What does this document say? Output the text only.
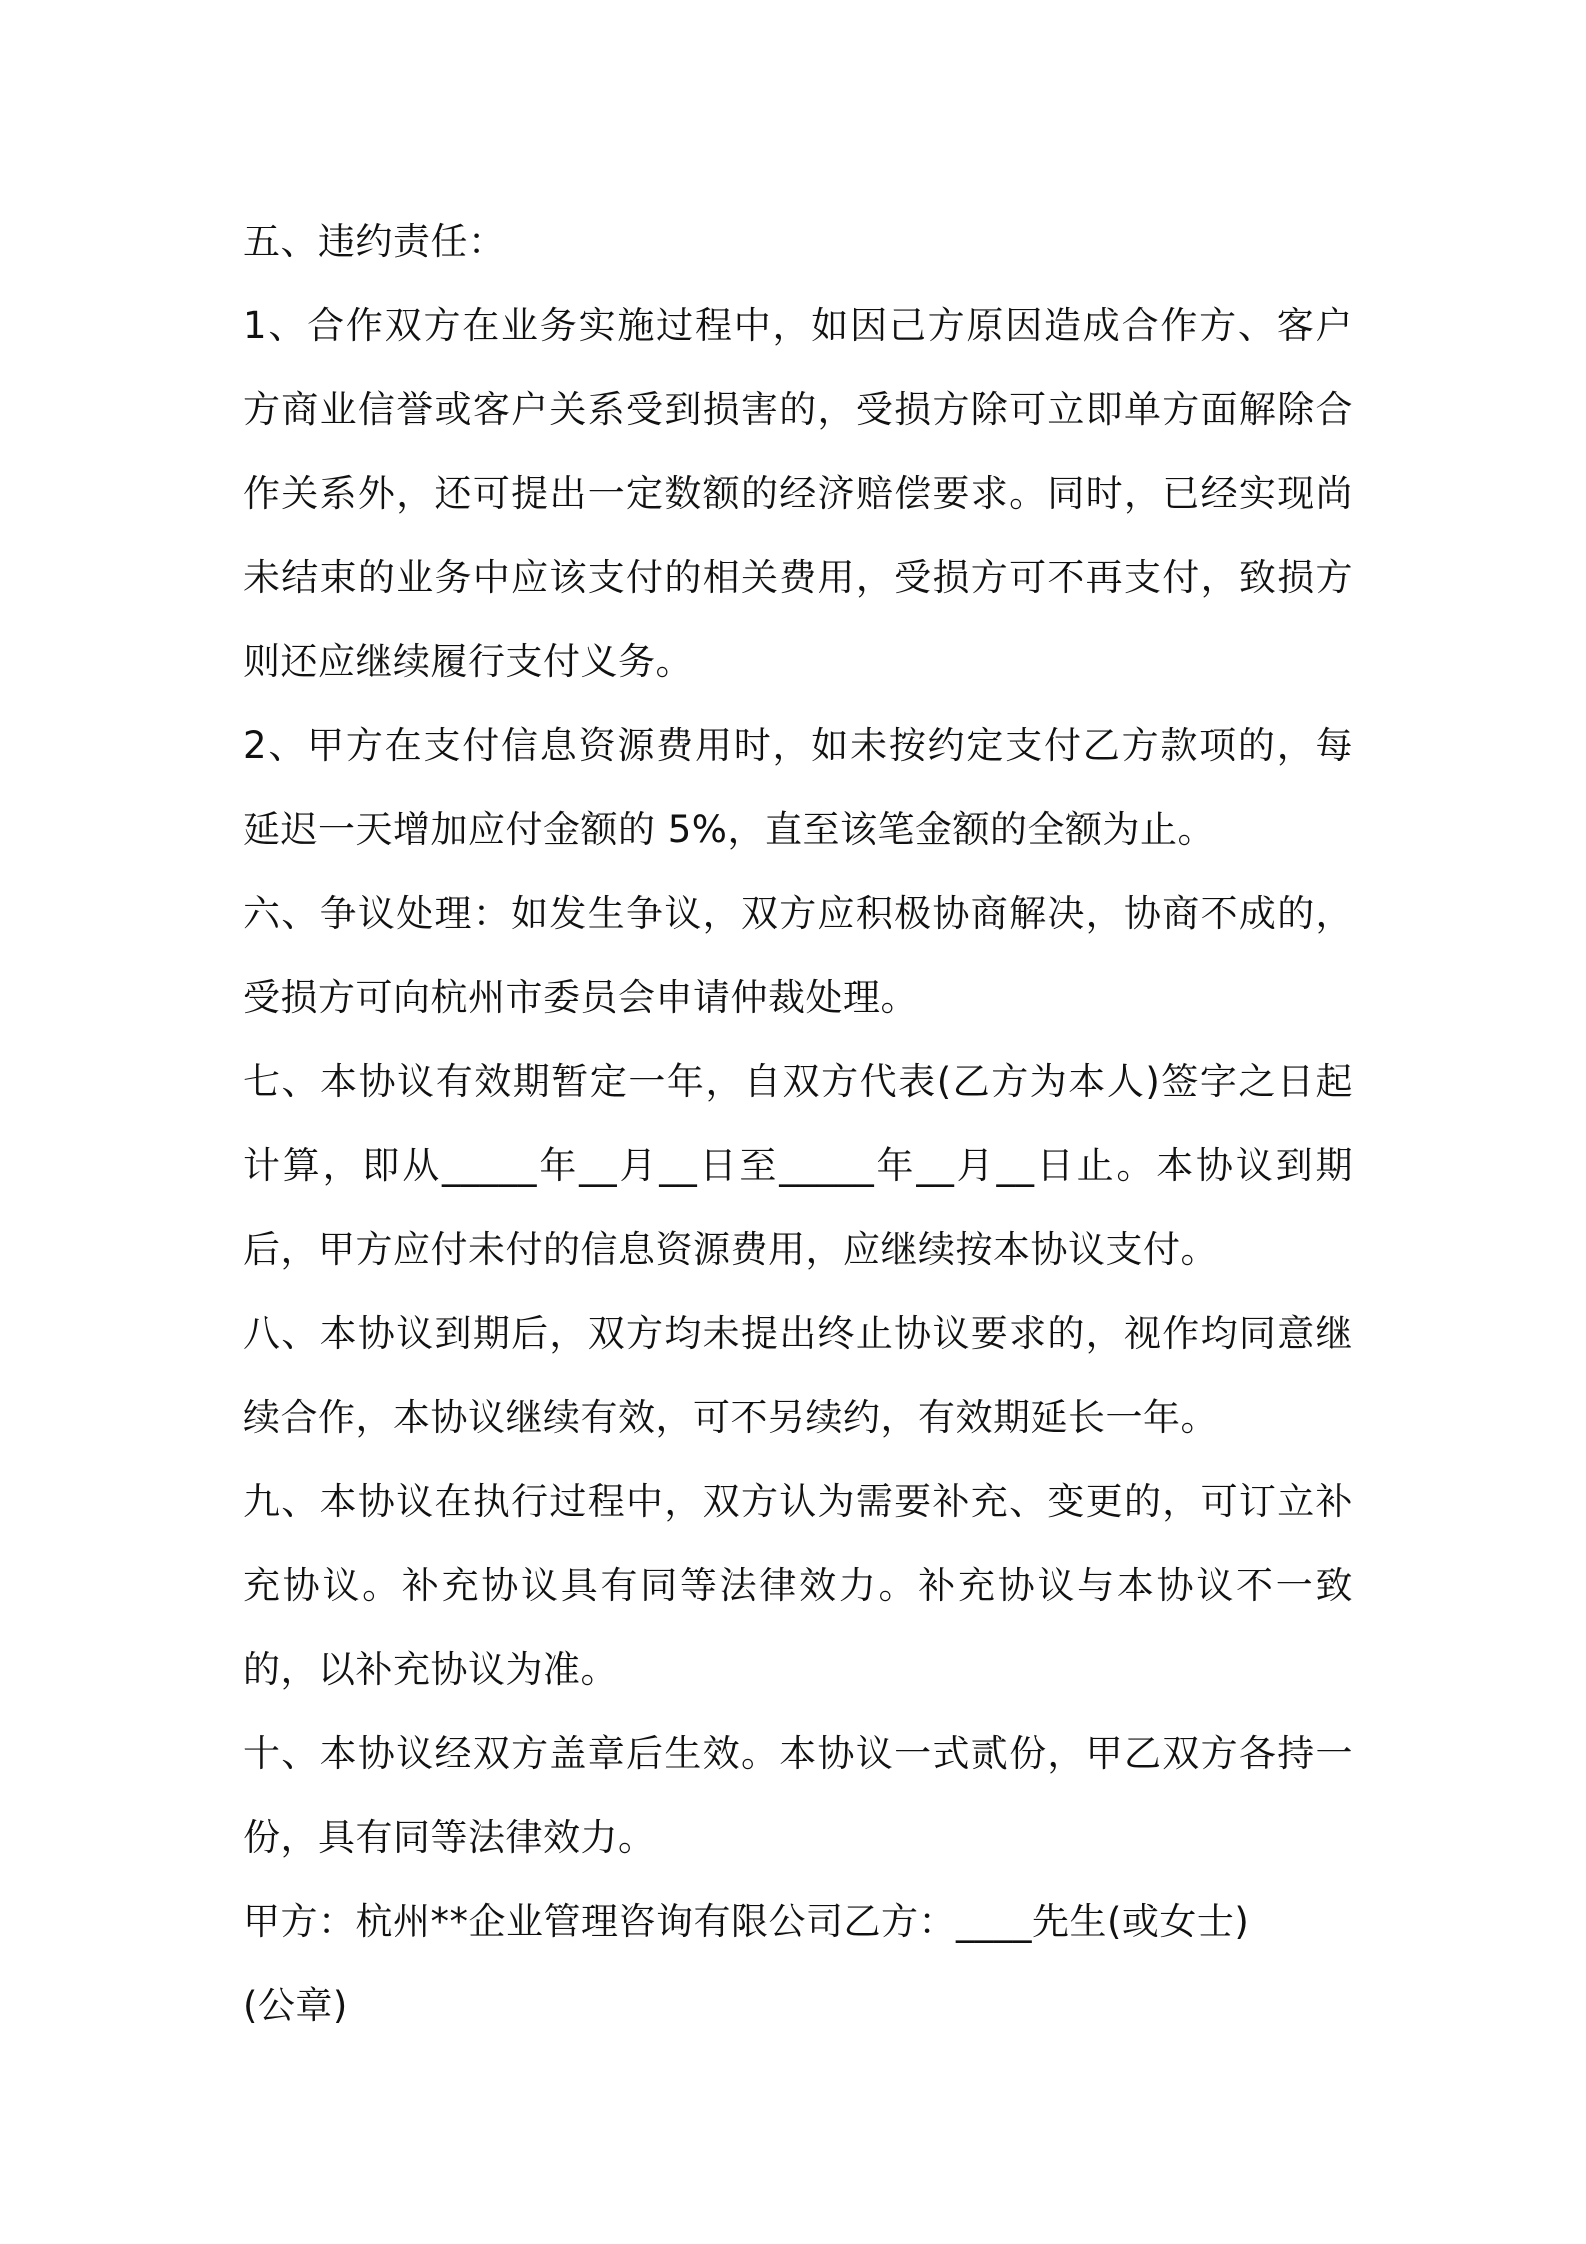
五、违约责任：

1、合作双方在业务实施过程中，如因己方原因造成合作方、客户方商业信誉或客户关系受到损害的，受损方除可立即单方面解除合作关系外，还可提出一定数额的经济赔偿要求。同时，已经实现尚未结束的业务中应该支付的相关费用，受损方可不再支付，致损方则还应继续履行支付义务。

2、甲方在支付信息资源费用时，如未按约定支付乙方款项的，每延迟一天增加应付金额的 5%，直至该笔金额的全额为止。

六、争议处理：如发生争议，双方应积极协商解决，协商不成的，受损方可向杭州市委员会申请仲裁处理。

七、本协议有效期暂定一年，自双方代表(乙方为本人)签字之日起计算，即从_____年__月__日至_____年__月__日止。本协议到期后，甲方应付未付的信息资源费用，应继续按本协议支付。

八、本协议到期后，双方均未提出终止协议要求的，视作均同意继续合作，本协议继续有效，可不另续约，有效期延长一年。

九、本协议在执行过程中，双方认为需要补充、变更的，可订立补充协议。补充协议具有同等法律效力。补充协议与本协议不一致的，以补充协议为准。

十、本协议经双方盖章后生效。本协议一式贰份，甲乙双方各持一份，具有同等法律效力。

甲方：杭州**企业管理咨询有限公司乙方：____先生(或女士)

(公章)
